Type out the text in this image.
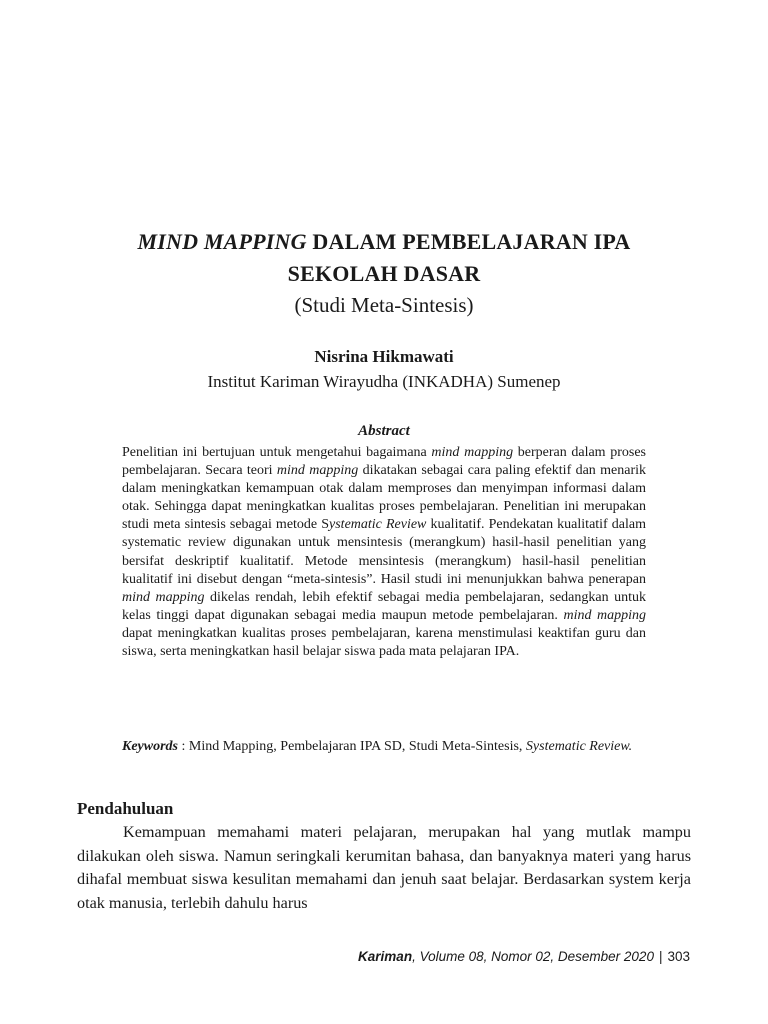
MIND MAPPING DALAM PEMBELAJARAN IPA
SEKOLAH DASAR
(Studi Meta-Sintesis)
Nisrina Hikmawati
Institut Kariman Wirayudha (INKADHA) Sumenep
Abstract

Penelitian ini bertujuan untuk mengetahui bagaimana mind mapping berperan dalam proses pembelajaran. Secara teori mind mapping dikatakan sebagai cara paling efektif dan menarik dalam meningkatkan kemampuan otak dalam memproses dan menyimpan informasi dalam otak. Sehingga dapat meningkatkan kualitas proses pembelajaran. Penelitian ini merupakan studi meta sintesis sebagai metode Systematic Review kualitatif. Pendekatan kualitatif dalam systematic review digunakan untuk mensintesis (merangkum) hasil-hasil penelitian yang bersifat deskriptif kualitatif. Metode mensintesis (merangkum) hasil-hasil penelitian kualitatif ini disebut dengan “meta-sintesis”. Hasil studi ini menunjukkan bahwa penerapan mind mapping dikelas rendah, lebih efektif sebagai media pembelajaran, sedangkan untuk kelas tinggi dapat digunakan sebagai media maupun metode pembelajaran. mind mapping dapat meningkatkan kualitas proses pembelajaran, karena menstimulasi keaktifan guru dan siswa, serta meningkatkan hasil belajar siswa pada mata pelajaran IPA.

Keywords : Mind Mapping, Pembelajaran IPA SD, Studi Meta-Sintesis, Systematic Review.
Pendahuluan

Kemampuan memahami materi pelajaran, merupakan hal yang mutlak mampu dilakukan oleh siswa. Namun seringkali kerumitan bahasa, dan banyaknya materi yang harus dihafal membuat siswa kesulitan memahami dan jenuh saat belajar. Berdasarkan system kerja otak manusia, terlebih dahulu harus

Kariman, Volume 08, Nomor 02, Desember 2020 | 303
